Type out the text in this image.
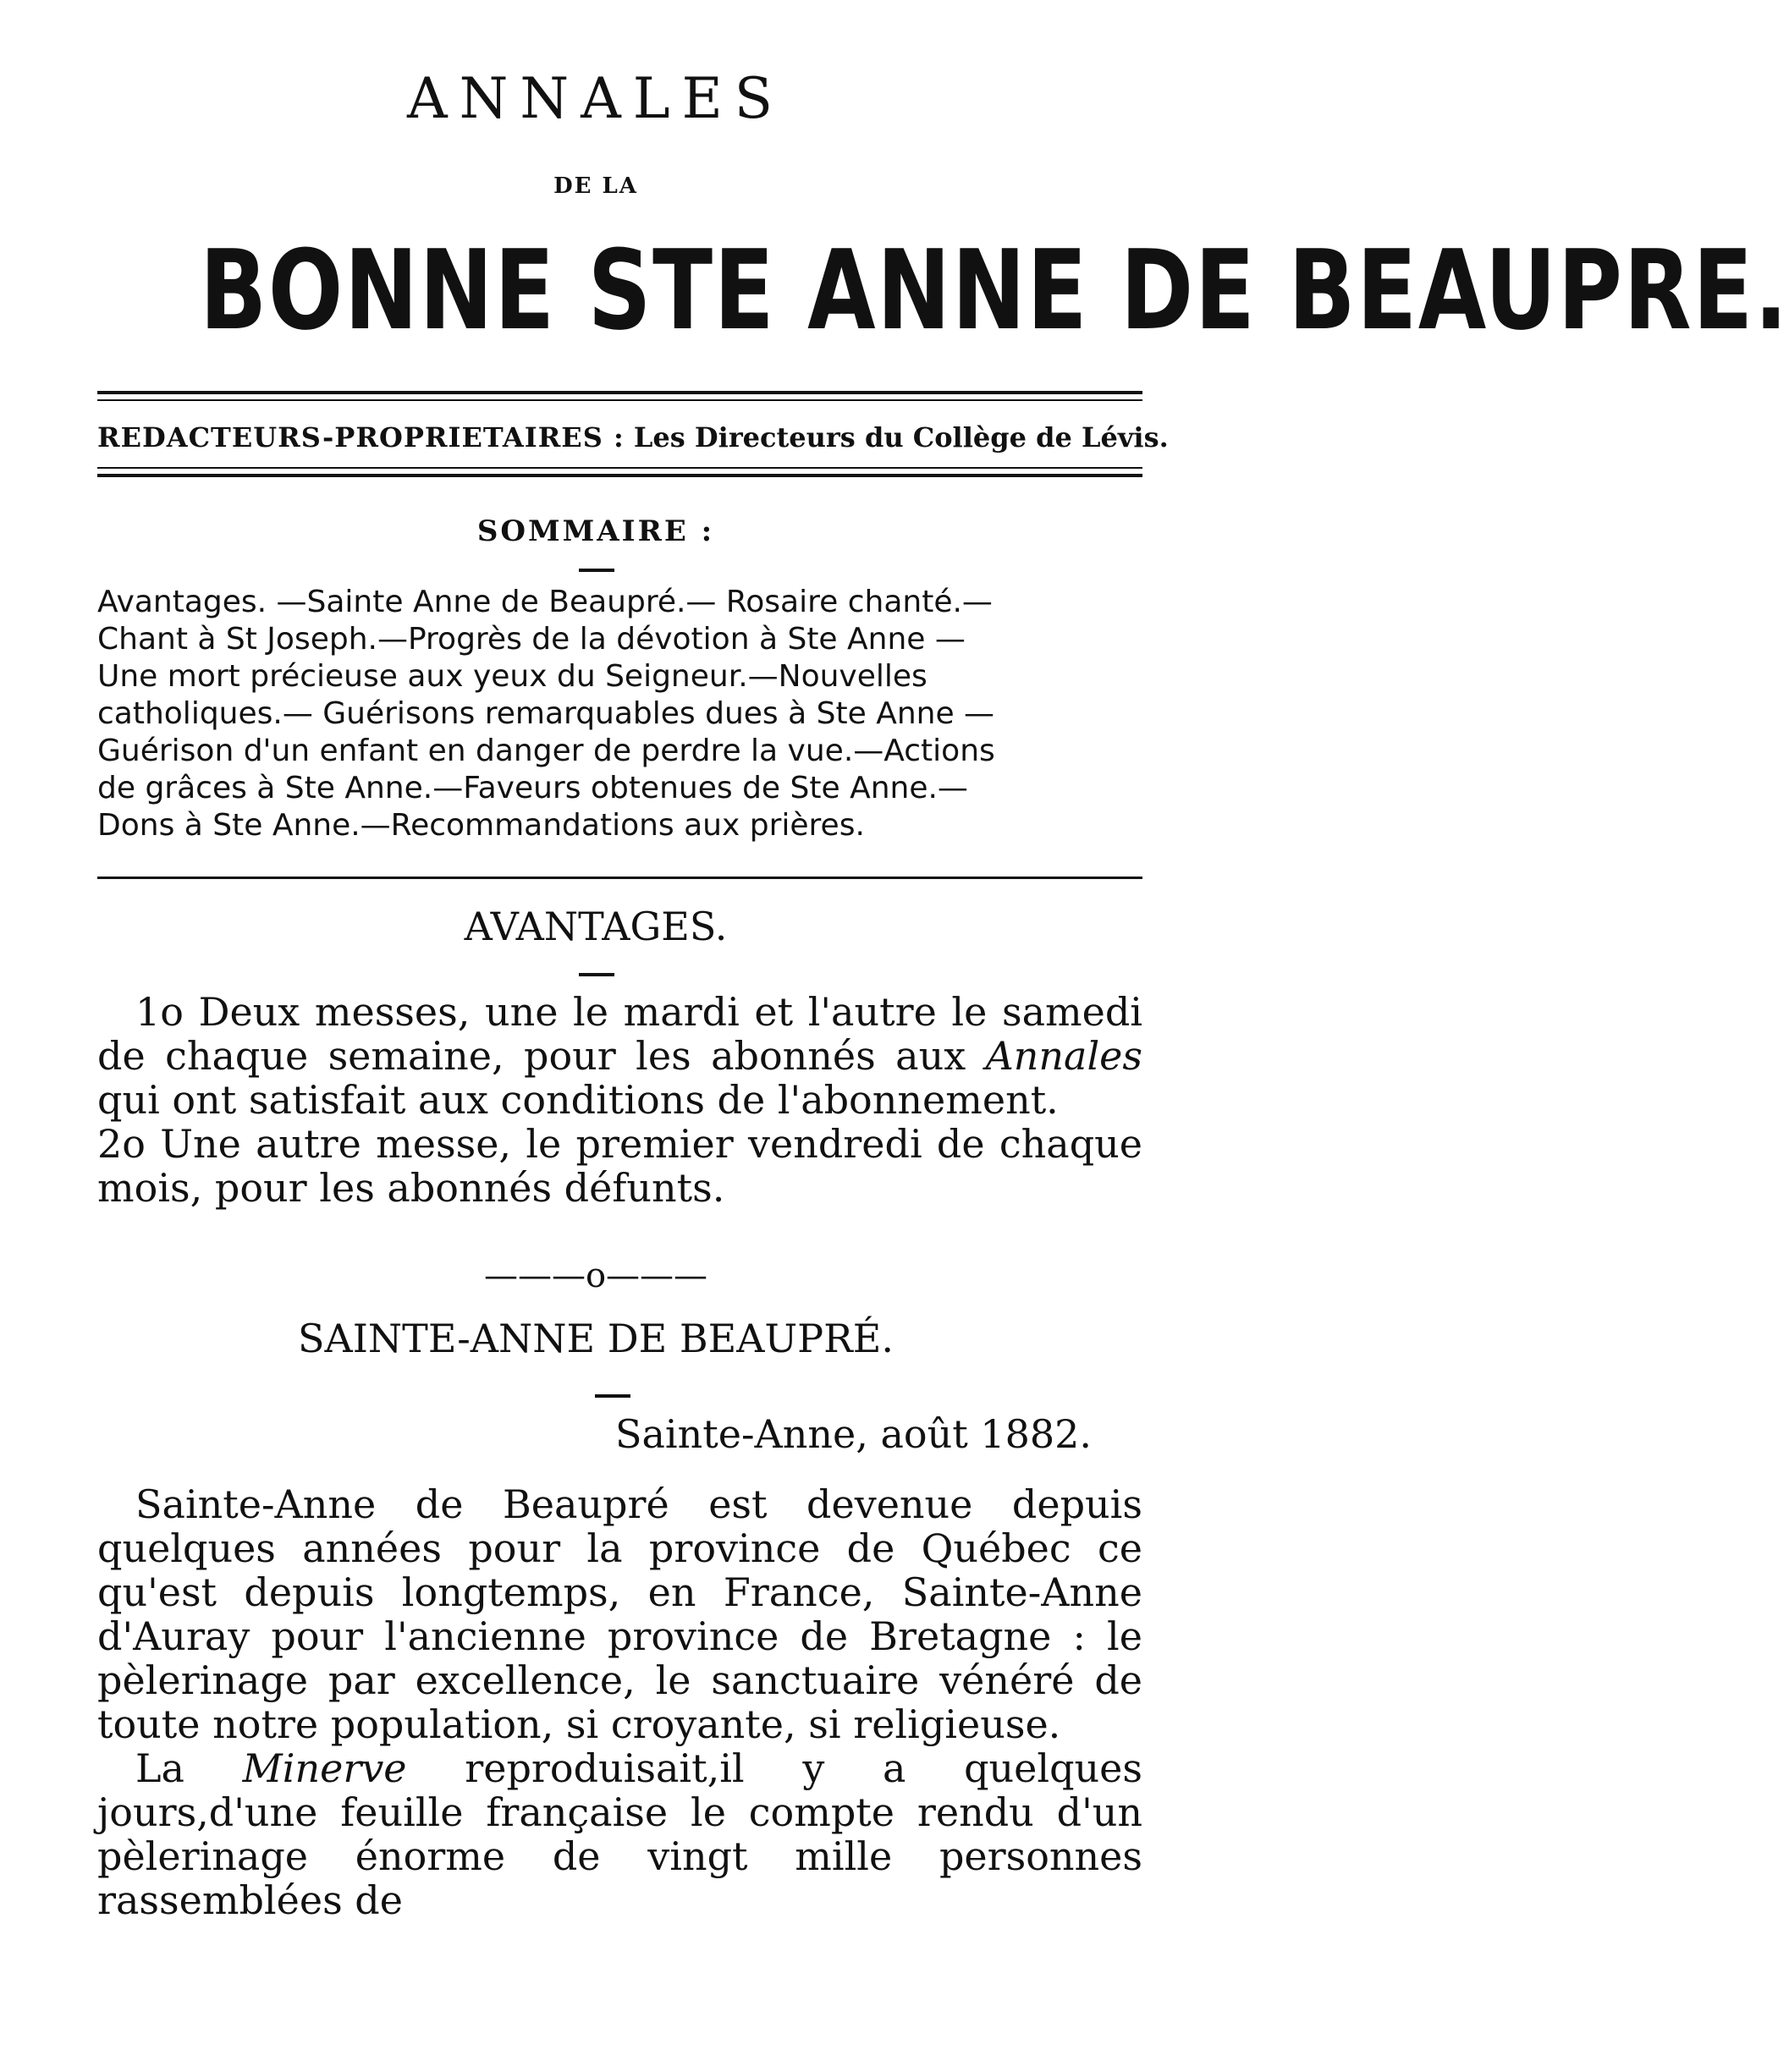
ANNALES
DE LA
BONNE STE ANNE DE BEAUPRE.
REDACTEURS-PROPRIETAIRES : Les Directeurs du Collège de Lévis.
SOMMAIRE :
Avantages. —Sainte Anne de Beaupré.— Rosaire chanté.—
Chant à St Joseph.—Progrès de la dévotion à Ste Anne —
Une mort précieuse aux yeux du Seigneur.—Nouvelles
catholiques.— Guérisons remarquables dues à Ste Anne —
Guérison d'un enfant en danger de perdre la vue.—Actions
de grâces à Ste Anne.—Faveurs obtenues de Ste Anne.—
Dons à Ste Anne.—Recommandations aux prières.
AVANTAGES.

1o Deux messes, une le mardi et l'autre le samedi de chaque semaine, pour les abonnés aux Annales qui ont satisfait aux conditions de l'abonnement.

2o Une autre messe, le premier vendredi de chaque mois, pour les abonnés défunts.

———o———
SAINTE-ANNE DE BEAUPRÉ.
Sainte-Anne, août 1882.

Sainte-Anne de Beaupré est devenue depuis quelques années pour la province de Québec ce qu'est depuis longtemps, en France, Sainte-Anne d'Auray pour l'ancienne province de Bretagne : le pèlerinage par excellence, le sanctuaire vénéré de toute notre population, si croyante, si religieuse.

La Minerve reproduisait,il y a quelques jours,d'une feuille française le compte rendu d'un pèlerinage énorme de vingt mille personnes rassemblées de
